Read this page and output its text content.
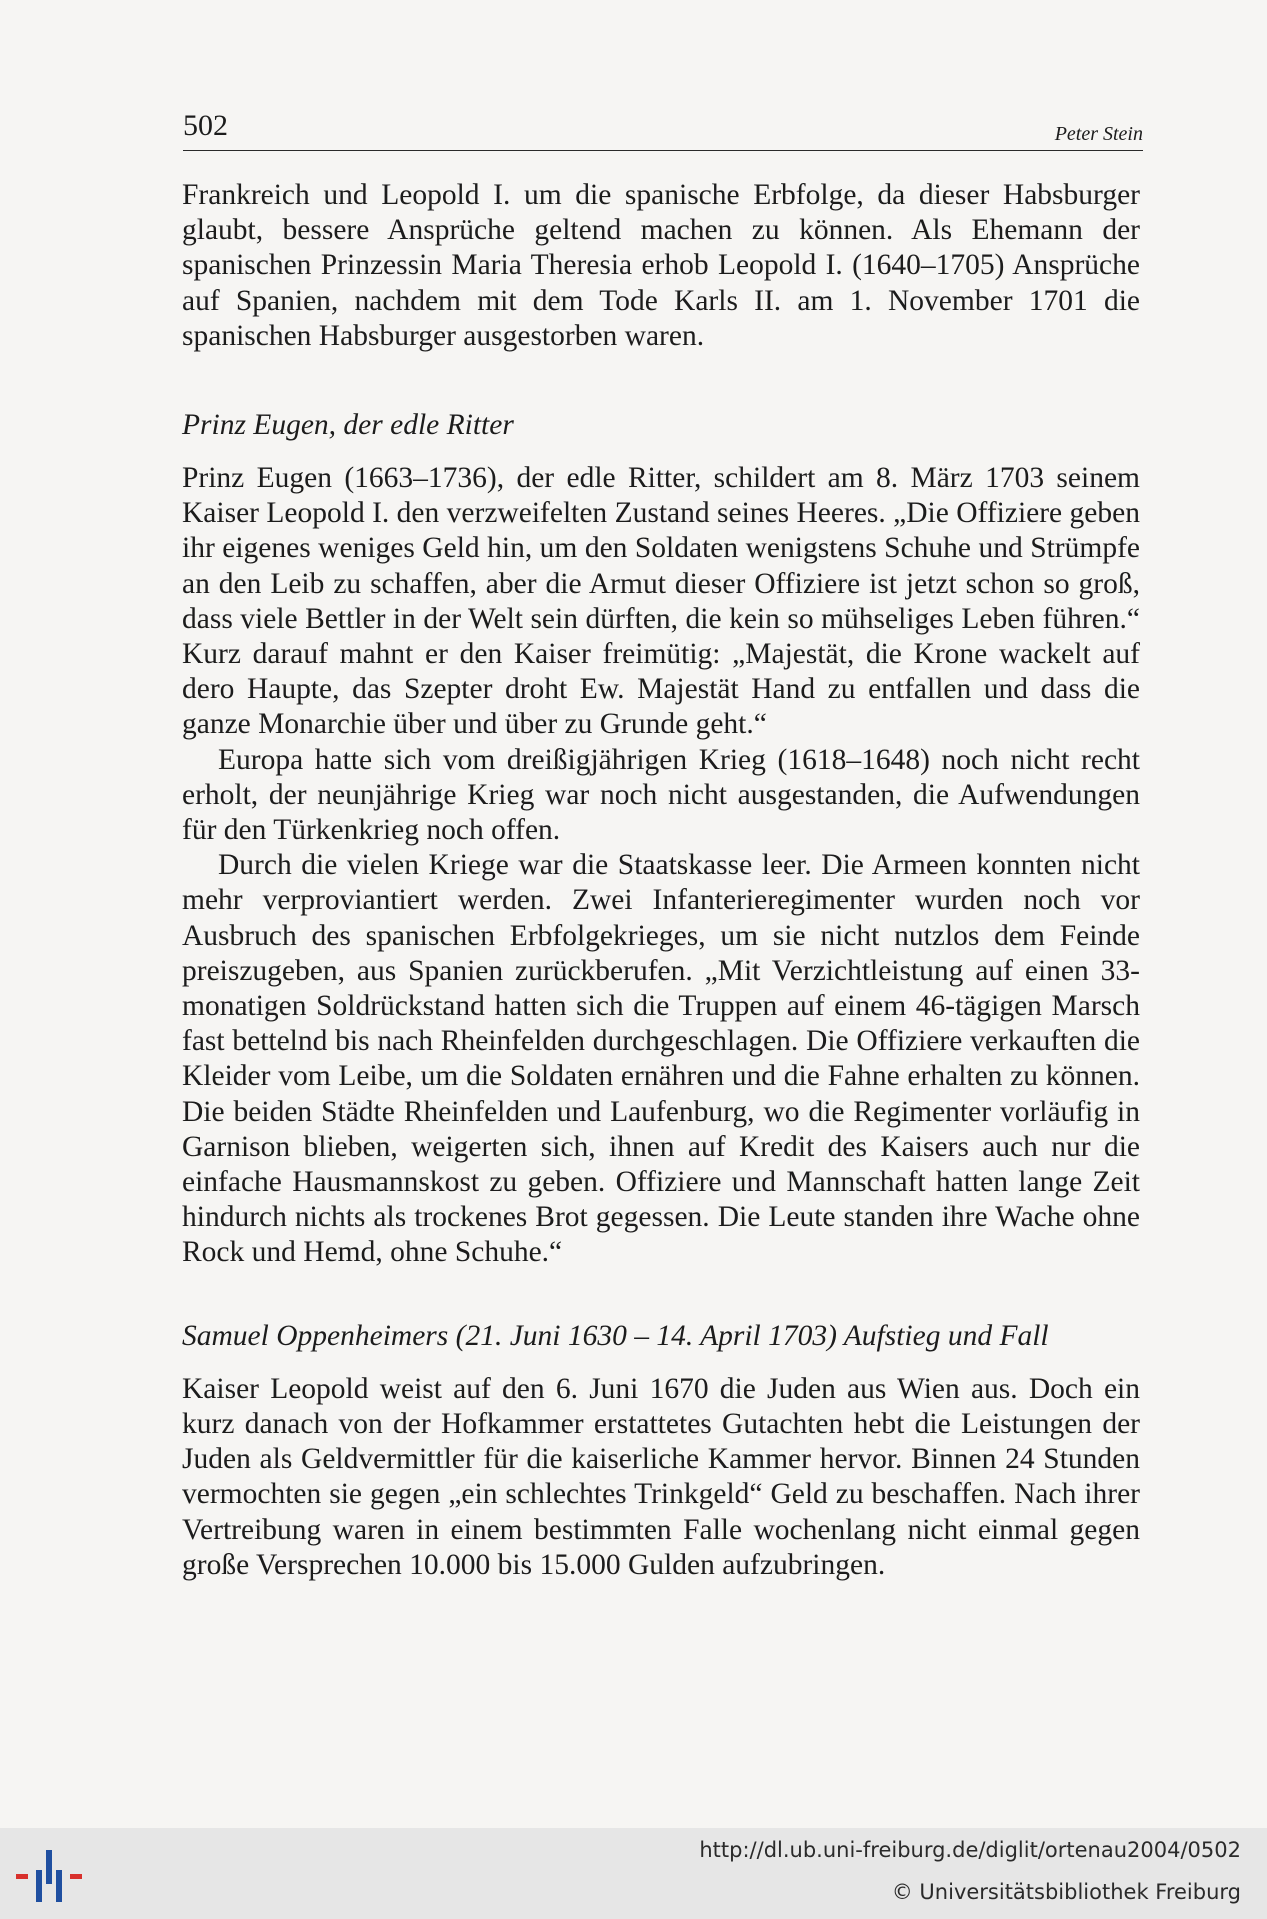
502	Peter Stein

Frankreich und Leopold I. um die spanische Erbfolge, da dieser Habsburger glaubt, bessere Ansprüche geltend machen zu können. Als Ehemann der spanischen Prinzessin Maria Theresia erhob Leopold I. (1640–1705) Ansprüche auf Spanien, nachdem mit dem Tode Karls II. am 1. November 1701 die spanischen Habsburger ausgestorben waren.

Prinz Eugen, der edle Ritter

Prinz Eugen (1663–1736), der edle Ritter, schildert am 8. März 1703 seinem Kaiser Leopold I. den verzweifelten Zustand seines Heeres. „Die Offiziere geben ihr eigenes weniges Geld hin, um den Soldaten wenigstens Schuhe und Strümpfe an den Leib zu schaffen, aber die Armut dieser Offiziere ist jetzt schon so groß, dass viele Bettler in der Welt sein dürften, die kein so mühseliges Leben führen.“ Kurz darauf mahnt er den Kaiser freimütig: „Majestät, die Krone wackelt auf dero Haupte, das Szepter droht Ew. Majestät Hand zu entfallen und dass die ganze Monarchie über und über zu Grunde geht.“

Europa hatte sich vom dreißigjährigen Krieg (1618–1648) noch nicht recht erholt, der neunjährige Krieg war noch nicht ausgestanden, die Aufwendungen für den Türkenkrieg noch offen.

Durch die vielen Kriege war die Staatskasse leer. Die Armeen konnten nicht mehr verproviantiert werden. Zwei Infanterieregimenter wurden noch vor Ausbruch des spanischen Erbfolgekrieges, um sie nicht nutzlos dem Feinde preiszugeben, aus Spanien zurückberufen. „Mit Verzichtleistung auf einen 33-monatigen Soldrückstand hatten sich die Truppen auf einem 46-tägigen Marsch fast bettelnd bis nach Rheinfelden durchgeschlagen. Die Offiziere verkauften die Kleider vom Leibe, um die Soldaten ernähren und die Fahne erhalten zu können. Die beiden Städte Rheinfelden und Laufenburg, wo die Regimenter vorläufig in Garnison blieben, weigerten sich, ihnen auf Kredit des Kaisers auch nur die einfache Hausmannskost zu geben. Offiziere und Mannschaft hatten lange Zeit hindurch nichts als trockenes Brot gegessen. Die Leute standen ihre Wache ohne Rock und Hemd, ohne Schuhe.“

Samuel Oppenheimers (21. Juni 1630 – 14. April 1703) Aufstieg und Fall

Kaiser Leopold weist auf den 6. Juni 1670 die Juden aus Wien aus. Doch ein kurz danach von der Hofkammer erstattetes Gutachten hebt die Leistungen der Juden als Geldvermittler für die kaiserliche Kammer hervor. Binnen 24 Stunden vermochten sie gegen „ein schlechtes Trinkgeld“ Geld zu beschaffen. Nach ihrer Vertreibung waren in einem bestimmten Falle wochenlang nicht einmal gegen große Versprechen 10.000 bis 15.000 Gulden aufzubringen.

http://dl.ub.uni-freiburg.de/diglit/ortenau2004/0502
© Universitätsbibliothek Freiburg
